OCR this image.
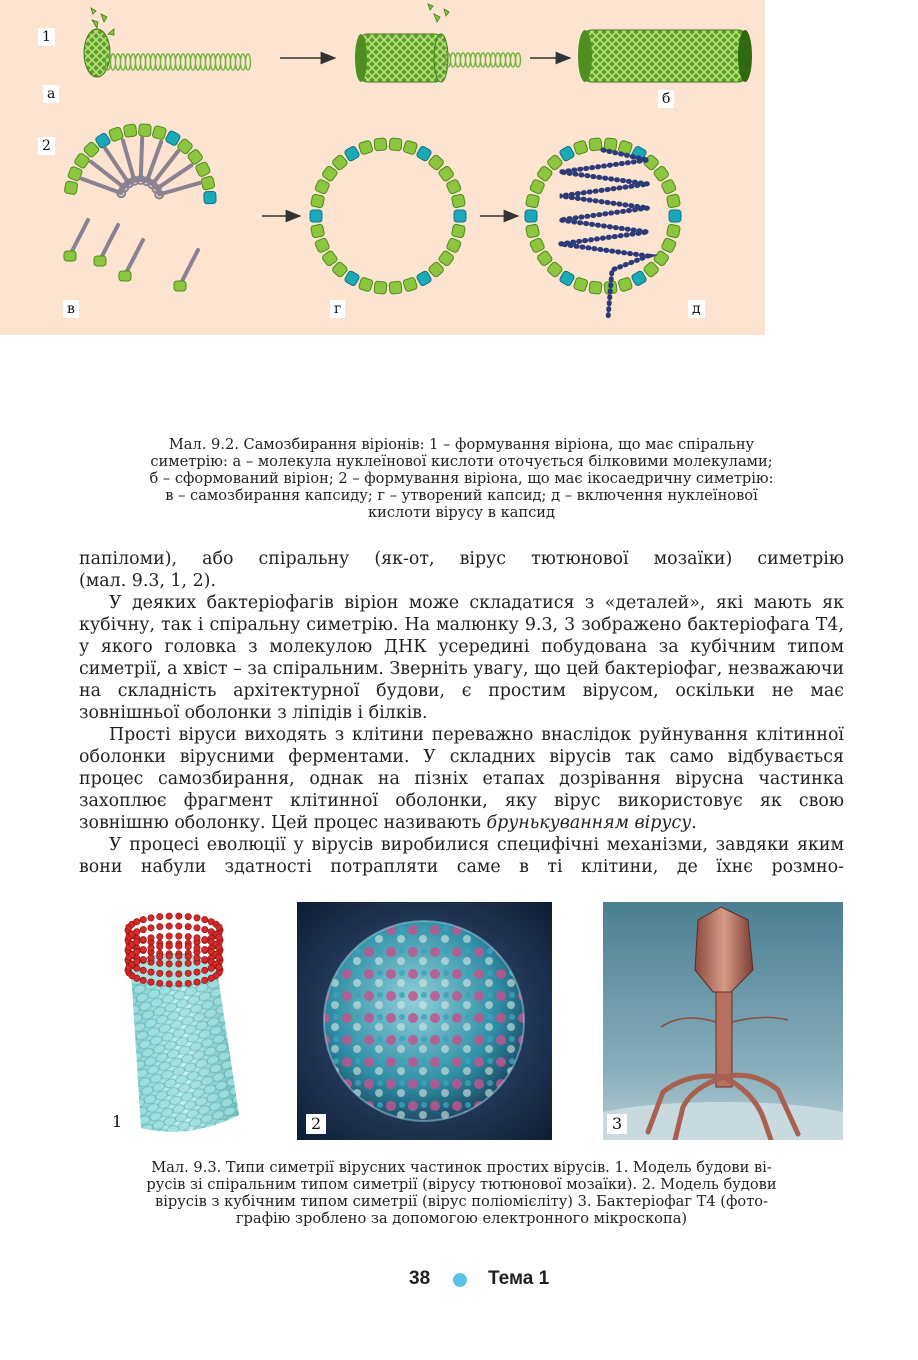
1
а	б
2
в	г	д
Мал. 9.2. Самозбирання віріонів: 1 – формування віріона, що має спіральну
симетрію: а – молекула нуклеїнової кислоти оточується білковими молекулами;
б – сформований віріон; 2 – формування віріона, що має ікосаедричну симетрію:
в – самозбирання капсиду; г – утворений капсид; д – включення нуклеїнової
кислоти вірусу в капсид

папіломи), або спіральну (як-от, вірус тютюнової мозаїки) симетрію

(мал. 9.3, 1, 2).

У деяких бактеріофагів віріон може складатися з «деталей», які мають як кубічну, так і спіральну симетрію. На малюнку 9.3, 3 зображено бактеріофага Т4, у якого головка з молекулою ДНК усередині побудована за кубічним типом симетрії, а хвіст – за спіральним. Зверніть увагу, що цей бактеріофаг, незважаючи на складність архітектурної будови, є простим вірусом, оскільки не має зовнішньої оболонки з ліпідів і білків.

Прості віруси виходять з клітини переважно внаслідок руйнування клітинної оболонки вірусними ферментами. У складних вірусів так само відбувається процес самозбирання, однак на пізніх етапах дозрівання вірусна частинка захоплює фрагмент клітинної оболонки, яку вірус використовує як свою зовнішню оболонку. Цей процес називають брунькуванням вірусу.

У процесі еволюції у вірусів виробилися специфічні механізми, завдяки яким вони набули здатності потрапляти саме в ті клітини, де їхнє розмно-

1	2	3
Мал. 9.3. Типи симетрії вірусних частинок простих вірусів. 1. Модель будови ві-
русів зі спіральним типом симетрії (вірусу тютюнової мозаїки). 2. Модель будови
вірусів з кубічним типом симетрії (вірус поліомієліту) 3. Бактеріофаг Т4 (фото-
графію зроблено за допомогою електронного мікроскопа)
38	Тема 1
